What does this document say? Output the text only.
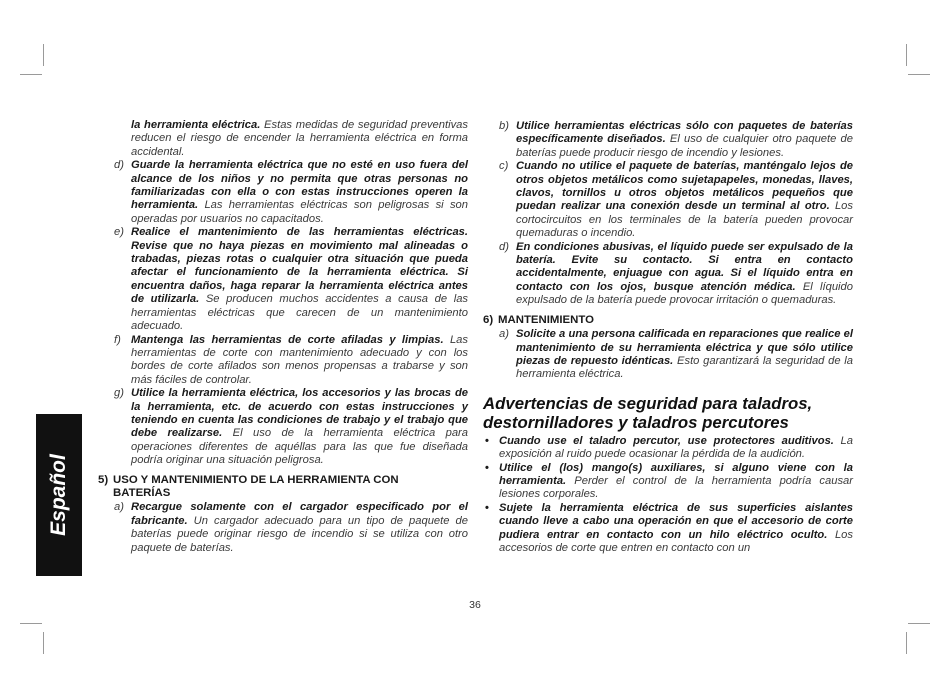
Español
la herramienta eléctrica. Estas medidas de seguridad preventivas reducen el riesgo de encender la herramienta eléctrica en forma accidental.
d) Guarde la herramienta eléctrica que no esté en uso fuera del alcance de los niños y no permita que otras personas no familiarizadas con ella o con estas instrucciones operen la herramienta. Las herramientas eléctricas son peligrosas si son operadas por usuarios no capacitados.
e) Realice el mantenimiento de las herramientas eléctricas. Revise que no haya piezas en movimiento mal alineadas o trabadas, piezas rotas o cualquier otra situación que pueda afectar el funcionamiento de la herramienta eléctrica. Si encuentra daños, haga reparar la herramienta eléctrica antes de utilizarla. Se producen muchos accidentes a causa de las herramientas eléctricas que carecen de un mantenimiento adecuado.
f) Mantenga las herramientas de corte afiladas y limpias. Las herramientas de corte con mantenimiento adecuado y con los bordes de corte afilados son menos propensas a trabarse y son más fáciles de controlar.
g) Utilice la herramienta eléctrica, los accesorios y las brocas de la herramienta, etc. de acuerdo con estas instrucciones y teniendo en cuenta las condiciones de trabajo y el trabajo que debe realizarse. El uso de la herramienta eléctrica para operaciones diferentes de aquéllas para las que fue diseñada podría originar una situación peligrosa.
5) USO Y MANTENIMIENTO DE LA HERRAMIENTA CON BATERÍAS
a) Recargue solamente con el cargador especificado por el fabricante. Un cargador adecuado para un tipo de paquete de baterías puede originar riesgo de incendio si se utiliza con otro paquete de baterías.
b) Utilice herramientas eléctricas sólo con paquetes de baterías específicamente diseñados. El uso de cualquier otro paquete de baterías puede producir riesgo de incendio y lesiones.
c) Cuando no utilice el paquete de baterías, manténgalo lejos de otros objetos metálicos como sujetapapeles, monedas, llaves, clavos, tornillos u otros objetos metálicos pequeños que puedan realizar una conexión desde un terminal al otro. Los cortocircuitos en los terminales de la batería pueden provocar quemaduras o incendio.
d) En condiciones abusivas, el líquido puede ser expulsado de la batería. Evite su contacto. Si entra en contacto accidentalmente, enjuague con agua. Si el líquido entra en contacto con los ojos, busque atención médica. El líquido expulsado de la batería puede provocar irritación o quemaduras.
6) MANTENIMIENTO
a) Solicite a una persona calificada en reparaciones que realice el mantenimiento de su herramienta eléctrica y que sólo utilice piezas de repuesto idénticas. Esto garantizará la seguridad de la herramienta eléctrica.
Advertencias de seguridad para taladros, destornilladores y taladros percutores
• Cuando use el taladro percutor, use protectores auditivos. La exposición al ruido puede ocasionar la pérdida de la audición.
• Utilice el (los) mango(s) auxiliares, si alguno viene con la herramienta. Perder el control de la herramienta podría causar lesiones corporales.
• Sujete la herramienta eléctrica de sus superficies aislantes cuando lleve a cabo una operación en que el accesorio de corte pudiera entrar en contacto con un hilo eléctrico oculto. Los accesorios de corte que entren en contacto con un
36
